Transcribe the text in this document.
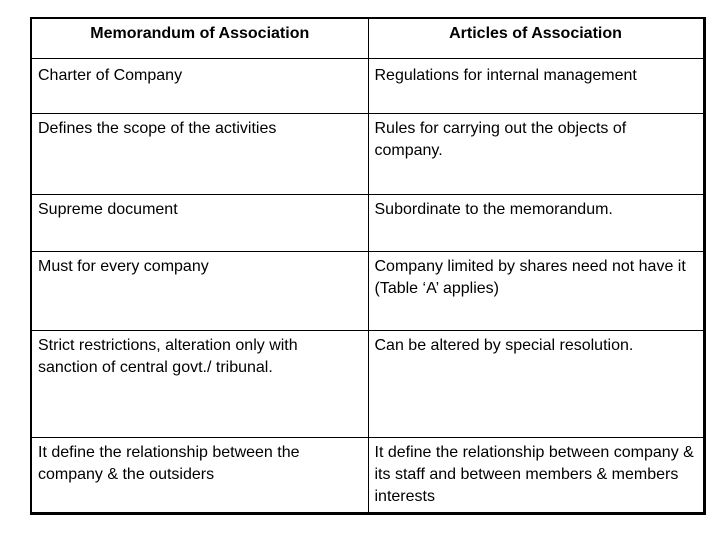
Memorandum of Association	Articles of Association
Charter of Company	Regulations for internal management
Defines the scope of the activities	Rules for carrying out the objects of company.
Supreme document	Subordinate to the memorandum.
Must for every company	Company limited by shares need not have it (Table ‘A’ applies)
Strict restrictions, alteration only with sanction of central govt./ tribunal.	Can be altered by special resolution.
It define the relationship between the company & the outsiders	It define the relationship between company & its staff and between members & members interests
